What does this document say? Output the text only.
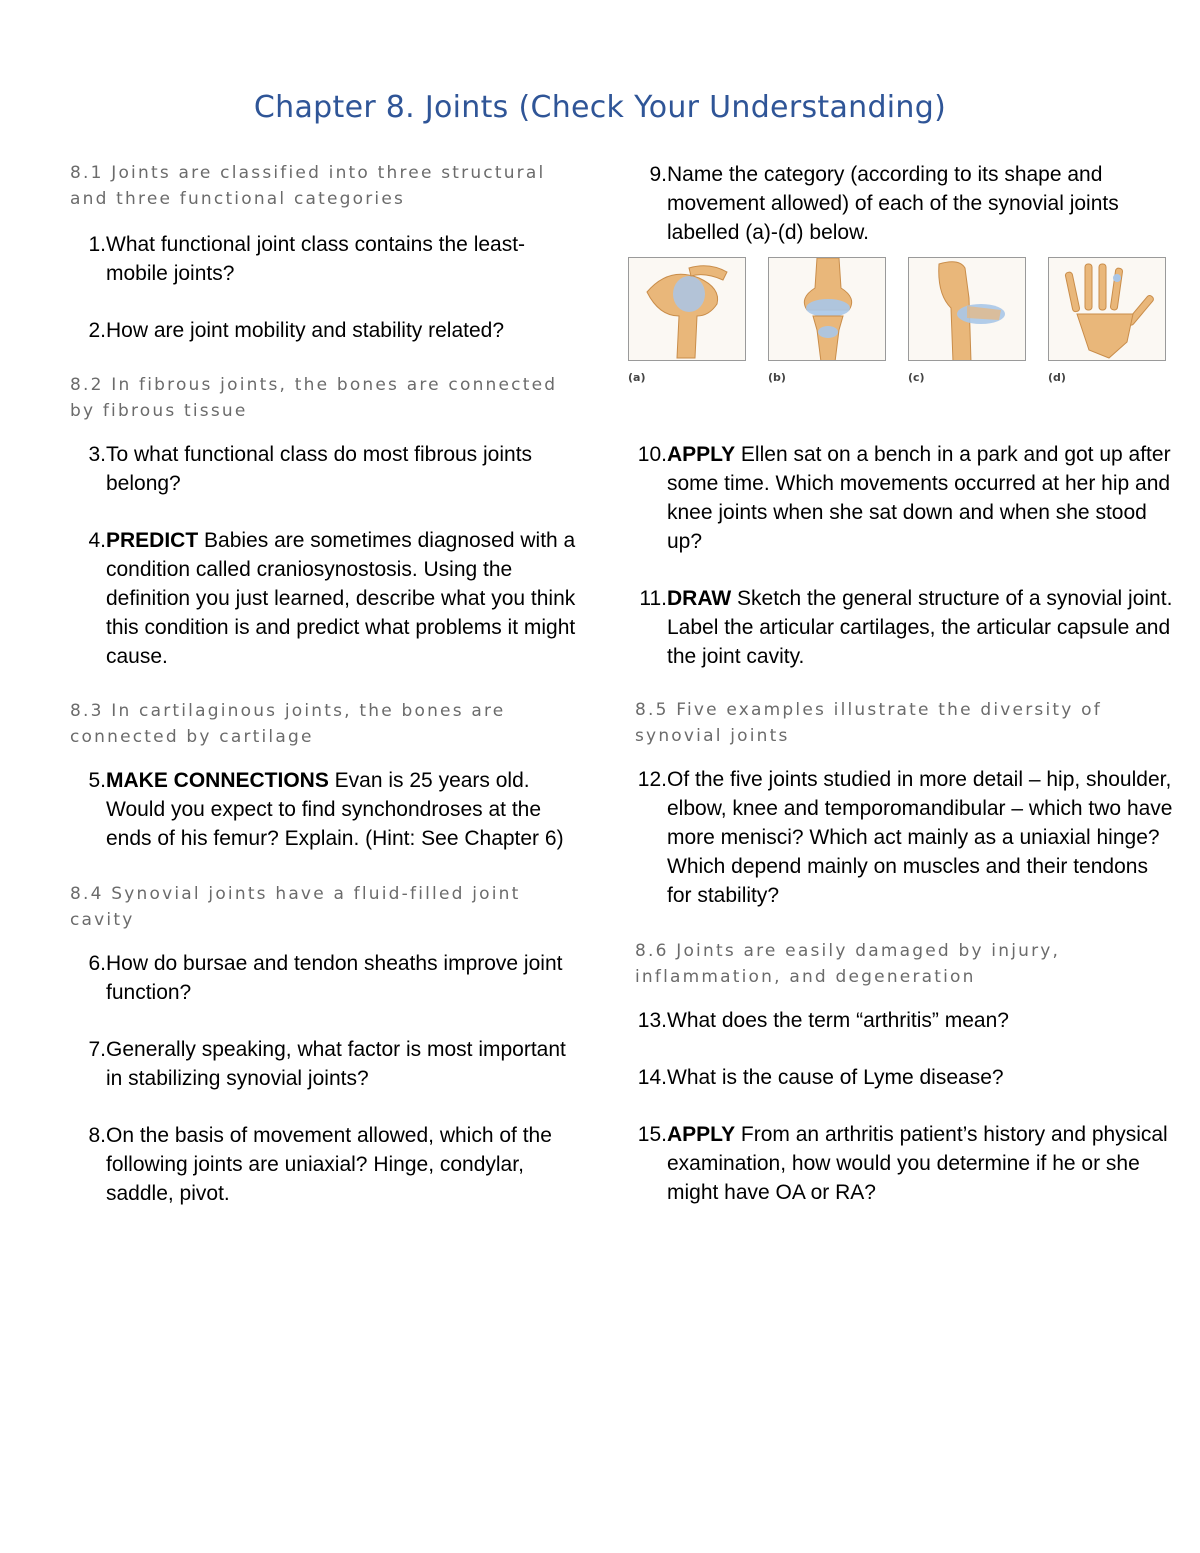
Chapter 8. Joints (Check Your Understanding)

8.1 Joints are classified into three structural and three functional categories

1. What functional joint class contains the least-mobile joints?
2. How are joint mobility and stability related?

8.2 In fibrous joints, the bones are connected by fibrous tissue

3. To what functional class do most fibrous joints belong?
4. PREDICT Babies are sometimes diagnosed with a condition called craniosynostosis. Using the definition you just learned, describe what you think this condition is and predict what problems it might cause.

8.3 In cartilaginous joints, the bones are connected by cartilage

5. MAKE CONNECTIONS Evan is 25 years old. Would you expect to find synchondroses at the ends of his femur? Explain. (Hint: See Chapter 6)

8.4 Synovial joints have a fluid-filled joint cavity

6. How do bursae and tendon sheaths improve joint function?
7. Generally speaking, what factor is most important in stabilizing synovial joints?
8. On the basis of movement allowed, which of the following joints are uniaxial? Hinge, condylar, saddle, pivot.
9. Name the category (according to its shape and movement allowed) of each of the synovial joints labelled (a)-(d) below.
(a)	(b)	(c)	(d)
10. APPLY Ellen sat on a bench in a park and got up after some time. Which movements occurred at her hip and knee joints when she sat down and when she stood up?
11. DRAW Sketch the general structure of a synovial joint. Label the articular cartilages, the articular capsule and the joint cavity.

8.5 Five examples illustrate the diversity of synovial joints

12. Of the five joints studied in more detail – hip, shoulder, elbow, knee and temporomandibular – which two have more menisci? Which act mainly as a uniaxial hinge? Which depend mainly on muscles and their tendons for stability?

8.6 Joints are easily damaged by injury, inflammation, and degeneration

13. What does the term “arthritis” mean?
14. What is the cause of Lyme disease?
15. APPLY From an arthritis patient’s history and physical examination, how would you determine if he or she might have OA or RA?
